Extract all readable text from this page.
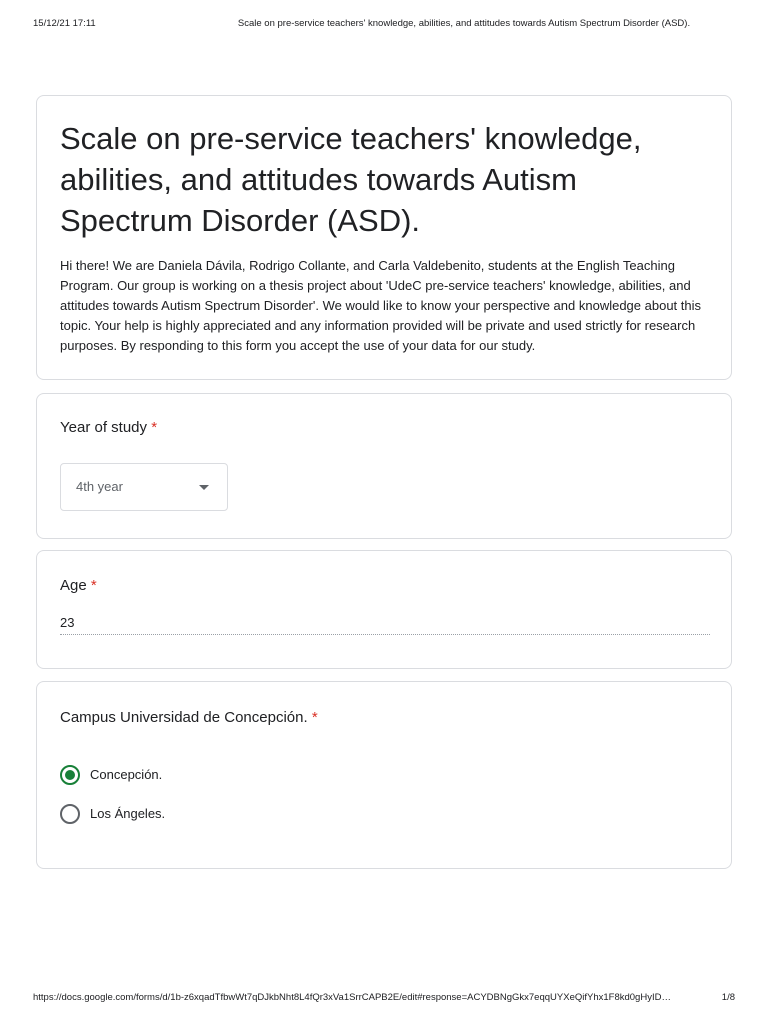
15/12/21 17:11	Scale on pre-service teachers' knowledge, abilities, and attitudes towards Autism Spectrum Disorder (ASD).
Scale on pre-service teachers' knowledge, abilities, and attitudes towards Autism Spectrum Disorder (ASD).

Hi there! We are Daniela Dávila, Rodrigo Collante, and Carla Valdebenito, students at the English Teaching Program. Our group is working on a thesis project about 'UdeC pre-service teachers' knowledge, abilities, and attitudes towards Autism Spectrum Disorder'. We would like to know your perspective and knowledge about this topic. Your help is highly appreciated and any information provided will be private and used strictly for research purposes. By responding to this form you accept the use of your data for our study.

Year of study *
4th year
Age *
23
Campus Universidad de Concepción. *
Concepción.
Los Ángeles.
https://docs.google.com/forms/d/1b-z6xqadTfbwWt7qDJkbNht8L4fQr3xVa1SrrCAPB2E/edit#response=ACYDBNgGkx7eqqUYXeQifYhx1F8kd0gHyID…	1/8
